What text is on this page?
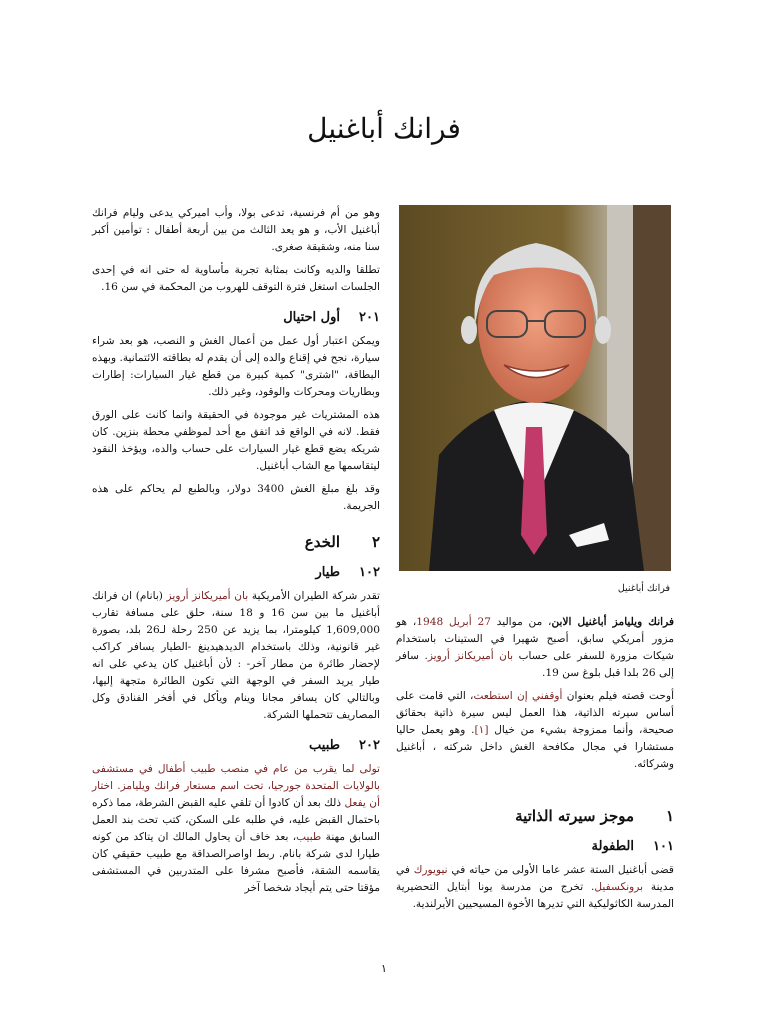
فرانك أباغنيل

وهو من أم فرنسية، تدعى بولا، وأب اميركي يدعى وليام فرانك أباغنيل الأب، و هو يعد الثالث من بين أربعة أطفال : توأمين أكبر سنا منه، وشقيقة صغرى.

تطلقا والديه وكانت بمثابة تجربة مأساوية له حتى انه في إحدى الجلسات استغل فترة التوقف للهروب من المحكمة في سن 16.

٢٠١أول احتيال

ويمكن اعتبار أول عمل من أعمال الغش و النصب، هو بعد شراء سيارة، نجح في إقناع والده إلى أن يقدم له بطاقته الائتمانية. وبهذه البطاقة، "اشترى" كمية كبيرة من قطع غيار السيارات: إطارات وبطاريات ومحركات والوقود، وغير ذلك.

هذه المشتريات غير موجودة في الحقيقة وانما كانت على الورق فقط. لانه في الواقع قد اتفق مع أحد لموظفي محطة بنزين. كان شريكه يضع قطع غيار السيارات على حساب والده، ويؤخذ النقود ليتقاسمها مع الشاب أباغنيل.

وقد بلغ مبلغ الغش 3400 دولار، وبالطبع لم يحاكم على هذه الجريمة.

٢الخدع
١٠٢طيار

تقدر شركة الطيران الأمريكية بان أميريكانز أرويز (بانام) ان فرانك أباغنيل ما بين سن 16 و 18 سنة، حلق على مسافة تقارب 1,609,000 كيلومترا، بما يزيد عن 250 رحلة لـ26 بلد، بصورة غير قانونية، وذلك باستخدام الديدهيدينغ -الطيار يسافر كراكب لإحضار طائرة من مطار آخر- : لأن أباغنيل كان يدعي على انه طيار يريد السفر في الوجهة التي تكون الطائرة متجهة إليها، وبالتالي كان يسافر مجانا وينام ويأكل في أفخر الفنادق وكل المصاريف تتحملها الشركة.

٢٠٢طبيب

تولى لما يقرب من عام في منصب طبيب أطفال في مستشفى بالولايات المتحدة جورجيا، تحت اسم مستعار فرانك ويليامز. اختار أن يفعل ذلك بعد أن كادوا أن تلقي عليه القبض الشرطة، مما ذكره باحتمال القبض عليه، في طلبه على السكن، كتب تحت بند العمل السابق مهنة طبيب، بعد خاف أن يحاول المالك ان يتاكد من كونه طيارا لدى شركة بانام. ربط اواصرالصداقة مع طبيب حقيقي كان يقاسمه الشقة، فأصبح مشرفا على المتدربين في المستشفى مؤقتا حتى يتم أيجاد شخصا آخر

فرانك أباغنيل

فرانك ويليامز أباغنيل الابن، من مواليد 27 أبريل 1948، هو مزور أمريكي سابق، أصبح شهيرا في الستينات باستخدام شيكات مزورة للسفر على حساب بان أميريكانز أرويز. سافر إلى 26 بلدا قبل بلوغ سن 19.

أوحت قصته فيلم بعنوان أوقفني إن استطعت، التي قامت على أساس سيرته الذاتية، هذا العمل ليس سيرة ذاتية بحقائق صحيحة، وأنما ممزوجة بشيء من خيال [١]. وهو يعمل حاليا مستشارا في مجال مكافحة الغش داخل شركته ، أباغنيل وشركائه.

١موجز سيرته الذاتية
١٠١الطفولة

قضى أباغنيل الستة عشر عاما الأولى من حياته في نيويورك في مدينة برونكسفيل. تخرج من مدرسة يونا أبتايل التحضيرية المدرسة الكاثوليكية التي تديرها الأخوة المسيحيين الأيرلندية.

١
